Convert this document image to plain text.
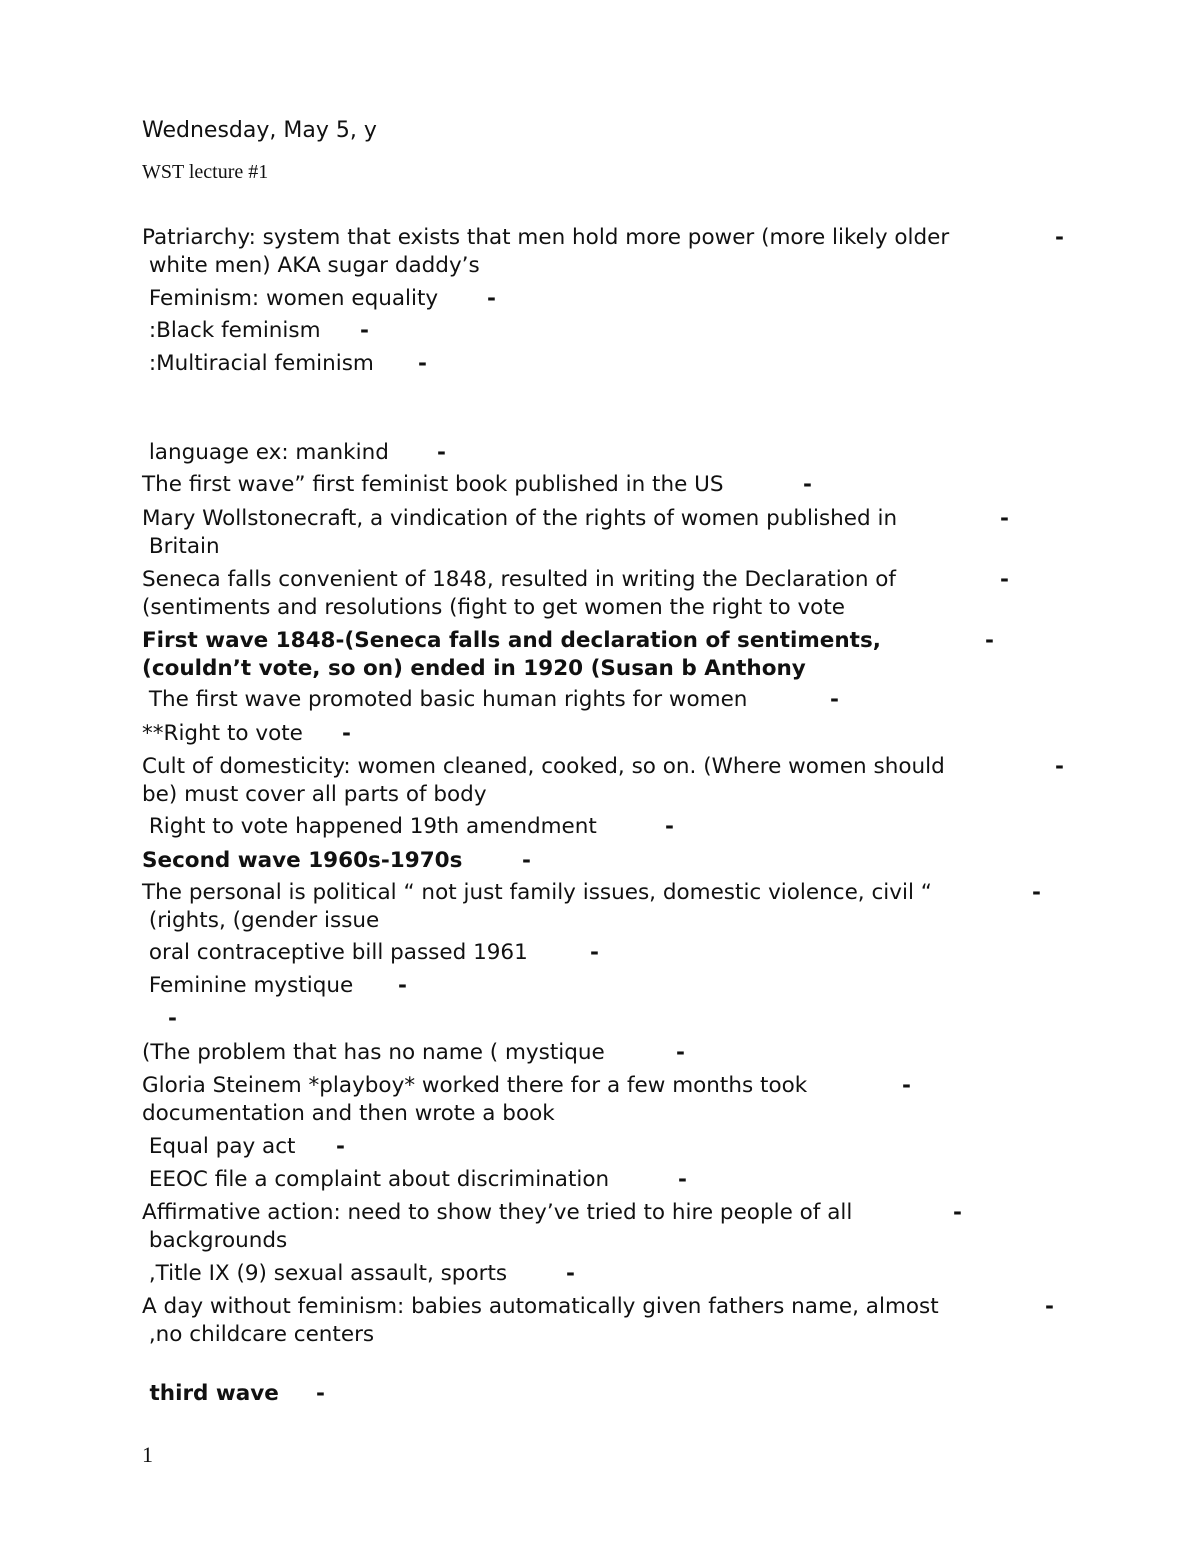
Wednesday, May 5, y
WST lecture #1
Patriarchy: system that exists that men hold more power (more likely older	-
white men) AKA sugar daddy’s
Feminism: women equality -
:Black feminism -
:Multiracial feminism -
language ex: mankind -
The first wave” first feminist book published in the US	-
Mary Wollstonecraft, a vindication of the rights of women published in	-
Britain
Seneca falls convenient of 1848, resulted in writing the Declaration of	-
(sentiments and resolutions (fight to get women the right to vote
First wave 1848-(Seneca falls and declaration of sentiments,	-
(couldn’t vote, so on) ended in 1920 (Susan b Anthony
The first wave promoted basic human rights for women	-
**Right to vote -
Cult of domesticity: women cleaned, cooked, so on. (Where women should	-
be) must cover all parts of body
Right to vote happened 19th amendment	-
Second wave 1960s-1970s	-
The personal is political “ not just family issues, domestic violence, civil “	-
(rights, (gender issue
oral contraceptive bill passed 1961	-
Feminine mystique -
-
(The problem that has no name ( mystique	-
Gloria Steinem *playboy* worked there for a few months took	-
documentation and then wrote a book
Equal pay act -
EEOC file a complaint about discrimination	-
Affirmative action: need to show they’ve tried to hire people of all	-
backgrounds
,Title IX (9) sexual assault, sports	-
A day without feminism: babies automatically given fathers name, almost	-
,no childcare centers
third wave -
1
